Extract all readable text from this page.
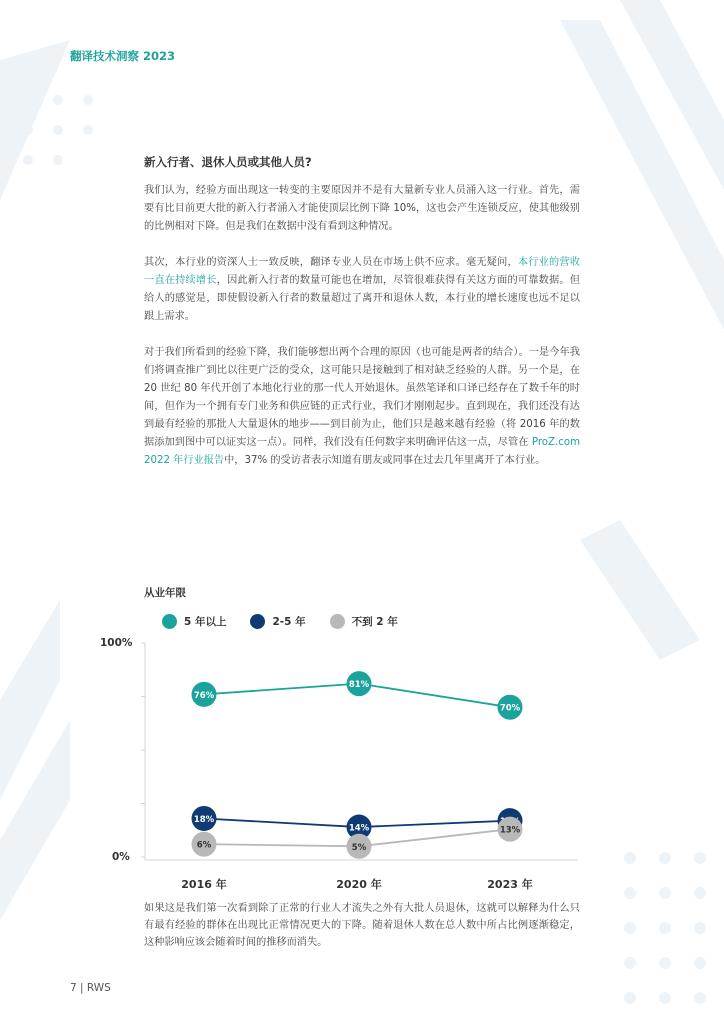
翻译技术洞察 2023
新入行者、退休人员或其他人员?

我们认为，经验方面出现这一转变的主要原因并不是有大量新专业人员涌入这一行业。首先，需要有比目前更大批的新入行者涌入才能使顶层比例下降 10%，这也会产生连锁反应，使其他级别的比例相对下降。但是我们在数据中没有看到这种情况。

其次，本行业的资深人士一致反映，翻译专业人员在市场上供不应求。毫无疑问，本行业的营收一直在持续增长，因此新入行者的数量可能也在增加，尽管很难获得有关这方面的可靠数据。但给人的感觉是，即使假设新入行者的数量超过了离开和退休人数，本行业的增长速度也远不足以跟上需求。

对于我们所看到的经验下降，我们能够想出两个合理的原因（也可能是两者的结合）。一是今年我们将调查推广到比以往更广泛的受众，这可能只是接触到了相对缺乏经验的人群。另一个是，在 20 世纪 80 年代开创了本地化行业的那一代人开始退休。虽然笔译和口译已经存在了数千年的时间，但作为一个拥有专门业务和供应链的正式行业，我们才刚刚起步。直到现在，我们还没有达到最有经验的那批人大量退休的地步——到目前为止，他们只是越来越有经验（将 2016 年的数据添加到图中可以证实这一点）。同样，我们没有任何数字来明确评估这一点，尽管在 ProZ.com 2022 年行业报告中，37% 的受访者表示知道有朋友或同事在过去几年里离开了本行业。

从业年限
5 年以上	2-5 年	不到 2 年
100%
0%
2016 年	2020 年	2023 年
76%
81%
70%
18%
14%
6%	5%
13%
如果这是我们第一次看到除了正常的行业人才流失之外有大批人员退休，这就可以解释为什么只有最有经验的群体在出现比正常情况更大的下降。随着退休人数在总人数中所占比例逐渐稳定，这种影响应该会随着时间的推移而消失。
7 | RWS
